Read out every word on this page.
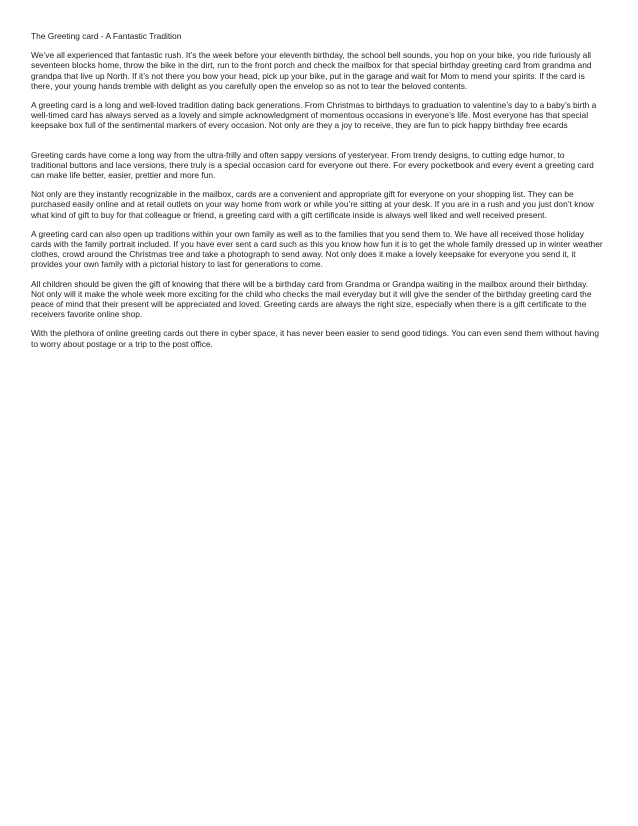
The Greeting card - A Fantastic Tradition

We’ve all experienced that fantastic rush. It’s the week before your eleventh birthday, the school bell sounds, you hop on your bike, you ride furiously all seventeen blocks home, throw the bike in the dirt, run to the front porch and check the mailbox for that special birthday greeting card from grandma and grandpa that live up North. If it’s not there you bow your head, pick up your bike, put in the garage and wait for Mom to mend your spirits. If the card is there, your young hands tremble with delight as you carefully open the envelop so as not to tear the beloved contents.

A greeting card is a long and well-loved tradition dating back generations. From Christmas to birthdays to graduation to valentine’s day to a baby’s birth a well-timed card has always served as a lovely and simple acknowledgment of momentous occasions in everyone’s life. Most everyone has that special keepsake box full of the sentimental markers of every occasion. Not only are they a joy to receive, they are fun to pick happy birthday free ecards

Greeting cards have come a long way from the ultra-frilly and often sappy versions of yesteryear. From trendy designs, to cutting edge humor, to traditional buttons and lace versions, there truly is a special occasion card for everyone out there. For every pocketbook and every event a greeting card can make life better, easier, prettier and more fun.

Not only are they instantly recognizable in the mailbox, cards are a convenient and appropriate gift for everyone on your shopping list. They can be purchased easily online and at retail outlets on your way home from work or while you’re sitting at your desk. If you are in a rush and you just don’t know what kind of gift to buy for that colleague or friend, a greeting card with a gift certificate inside is always well liked and well received present.

A greeting card can also open up traditions within your own family as well as to the families that you send them to. We have all received those holiday cards with the family portrait included. If you have ever sent a card such as this you know how fun it is to get the whole family dressed up in winter weather clothes, crowd around the Christmas tree and take a photograph to send away. Not only does it make a lovely keepsake for everyone you send it, it provides your own family with a pictorial history to last for generations to come.

All children should be given the gift of knowing that there will be a birthday card from Grandma or Grandpa waiting in the mailbox around their birthday. Not only will it make the whole week more exciting for the child who checks the mail everyday but it will give the sender of the birthday greeting card the peace of mind that their present will be appreciated and loved. Greeting cards are always the right size, especially when there is a gift certificate to the receivers favorite online shop.

With the plethora of online greeting cards out there in cyber space, it has never been easier to send good tidings. You can even send them without having to worry about postage or a trip to the post office.
